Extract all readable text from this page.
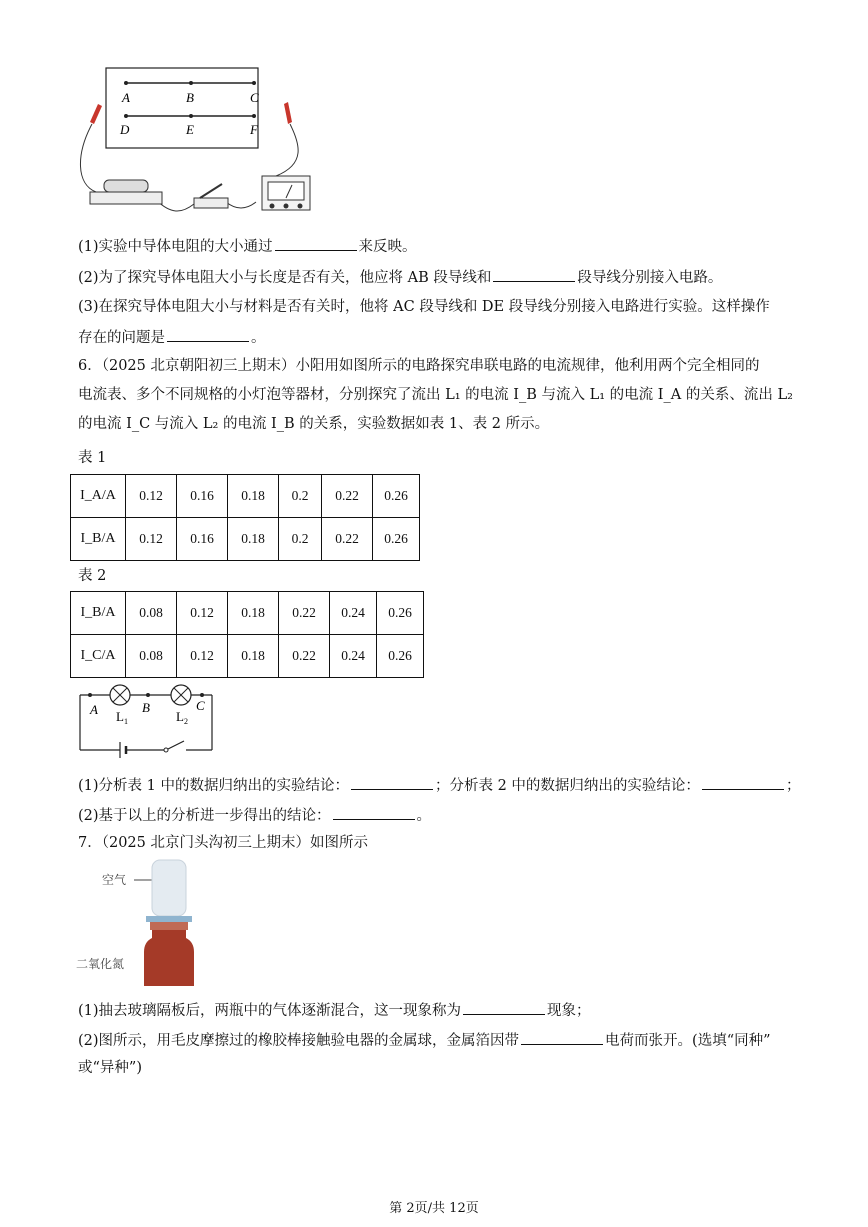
A	B	C
D	E	F
(1)实验中导体电阻的大小通过	来反映。
(2)为了探究导体电阻大小与长度是否有关，他应将 AB 段导线和	段导线分别接入电路。
(3)在探究导体电阻大小与材料是否有关时，他将 AC 段导线和 DE 段导线分别接入电路进行实验。这样操作
存在的问题是	。
6．（2025 北京朝阳初三上期末）小阳用如图所示的电路探究串联电路的电流规律，他利用两个完全相同的
电流表、多个不同规格的小灯泡等器材，分别探究了流出 L₁ 的电流 I_B 与流入 L₁ 的电流 I_A 的关系、流出 L₂
的电流 I_C 与流入 L₂ 的电流 I_B 的关系，实验数据如表 1、表 2 所示。
表 1
I_A/A	0.12	0.16	0.18	0.2	0.22	0.26
I_B/A	0.12	0.16	0.18	0.2	0.22	0.26
表 2
I_B/A	0.08	0.12	0.18	0.22	0.24	0.26
I_C/A	0.08	0.12	0.18	0.22	0.24	0.26
A	B	C
$L_1$	$L_2$
(1)分析表 1 中的数据归纳出的实验结论：	；分析表 2 中的数据归纳出的实验结论：	；
(2)基于以上的分析进一步得出的结论：	。
7．（2025 北京门头沟初三上期末）如图所示
空气
二氧化氮
(1)抽去玻璃隔板后，两瓶中的气体逐渐混合，这一现象称为	现象；
(2)图所示，用毛皮摩擦过的橡胶棒接触验电器的金属球，金属箔因带	电荷而张开。(选填“同种”
或“异种”)
第 2页/共 12页
